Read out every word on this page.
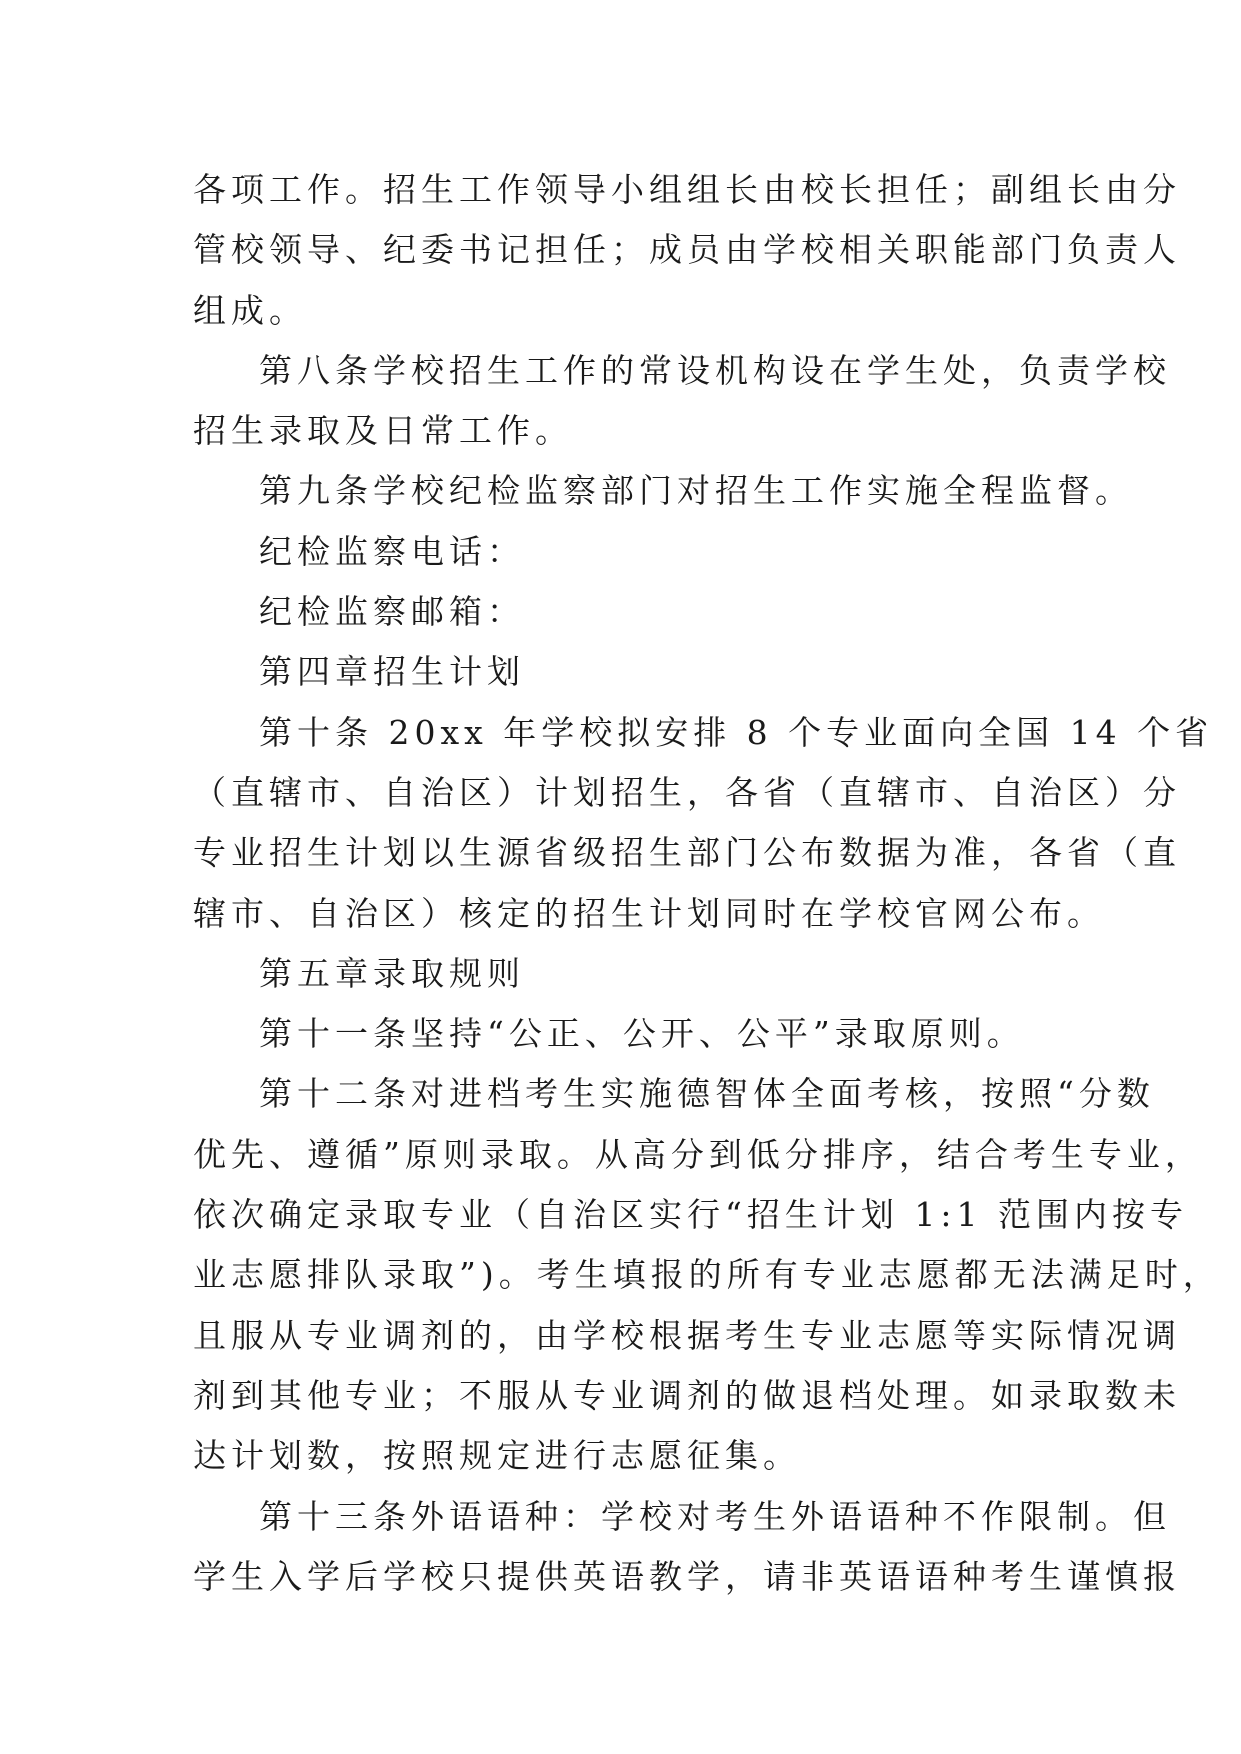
各项工作。招生工作领导小组组长由校长担任；副组长由分
管校领导、纪委书记担任；成员由学校相关职能部门负责人
组成。
第八条学校招生工作的常设机构设在学生处，负责学校
招生录取及日常工作。
第九条学校纪检监察部门对招生工作实施全程监督。
纪检监察电话：
纪检监察邮箱：
第四章招生计划
第十条 20xx 年学校拟安排 8 个专业面向全国 14 个省
（直辖市、自治区）计划招生，各省（直辖市、自治区）分
专业招生计划以生源省级招生部门公布数据为准，各省（直
辖市、自治区）核定的招生计划同时在学校官网公布。
第五章录取规则
第十一条坚持“公正、公开、公平”录取原则。
第十二条对进档考生实施德智体全面考核，按照“分数
优先、遵循”原则录取。从高分到低分排序，结合考生专业，
依次确定录取专业（自治区实行“招生计划 1:1 范围内按专
业志愿排队录取”)。考生填报的所有专业志愿都无法满足时，
且服从专业调剂的，由学校根据考生专业志愿等实际情况调
剂到其他专业；不服从专业调剂的做退档处理。如录取数未
达计划数，按照规定进行志愿征集。
第十三条外语语种：学校对考生外语语种不作限制。但
学生入学后学校只提供英语教学，请非英语语种考生谨慎报
